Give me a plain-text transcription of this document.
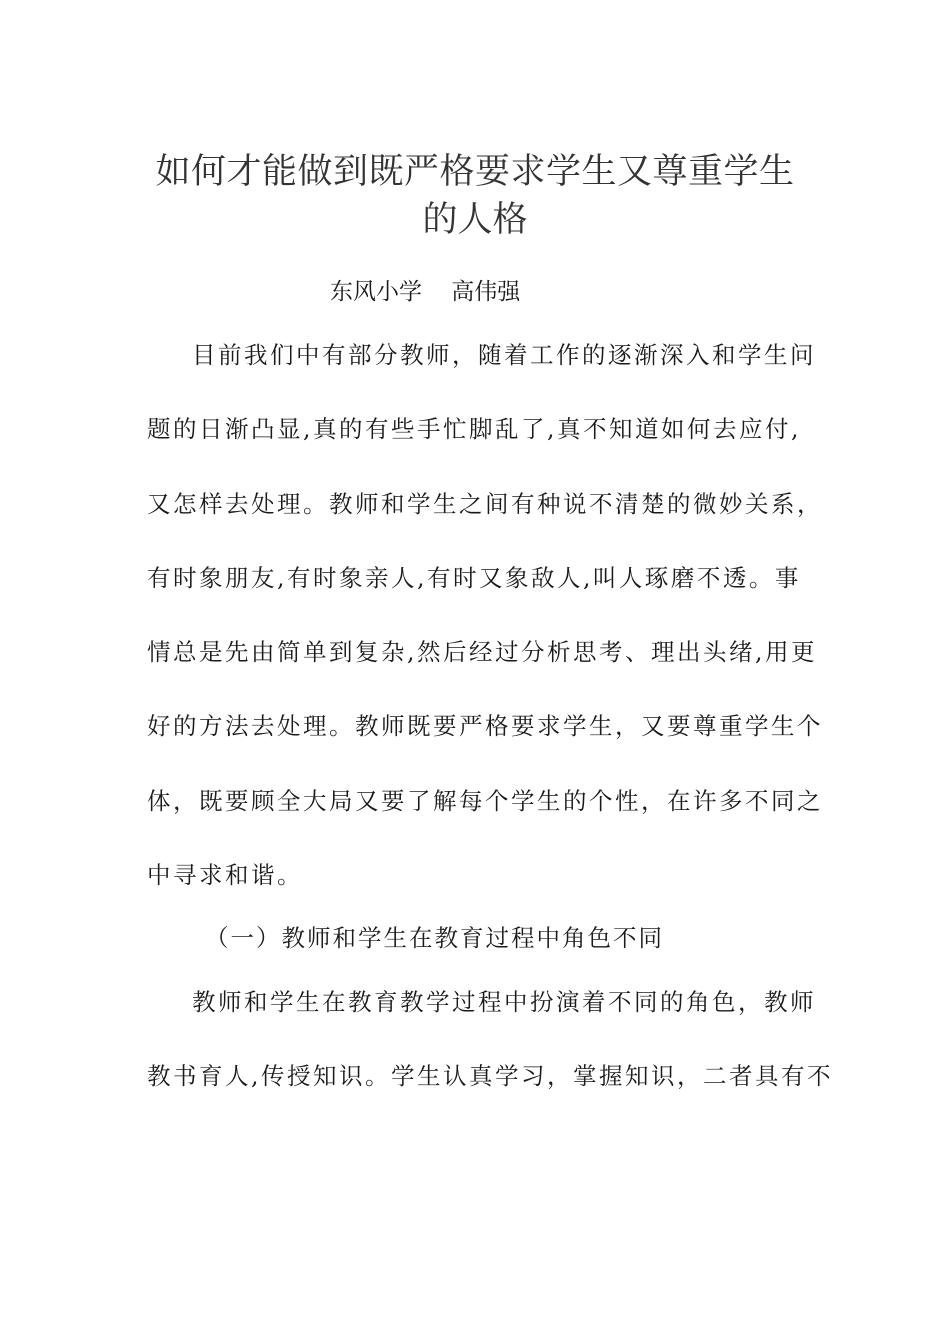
如何才能做到既严格要求学生又尊重学生
的人格
东风小学    高伟强
目前我们中有部分教师，随着工作的逐渐深入和学生问
题的日渐凸显,真的有些手忙脚乱了,真不知道如何去应付,
又怎样去处理。教师和学生之间有种说不清楚的微妙关系，
有时象朋友,有时象亲人,有时又象敌人,叫人琢磨不透。事
情总是先由简单到复杂,然后经过分析思考、理出头绪,用更
好的方法去处理。教师既要严格要求学生，又要尊重学生个
体，既要顾全大局又要了解每个学生的个性，在许多不同之
中寻求和谐。
（一）教师和学生在教育过程中角色不同
教师和学生在教育教学过程中扮演着不同的角色，教师
教书育人,传授知识。学生认真学习，掌握知识，二者具有不
